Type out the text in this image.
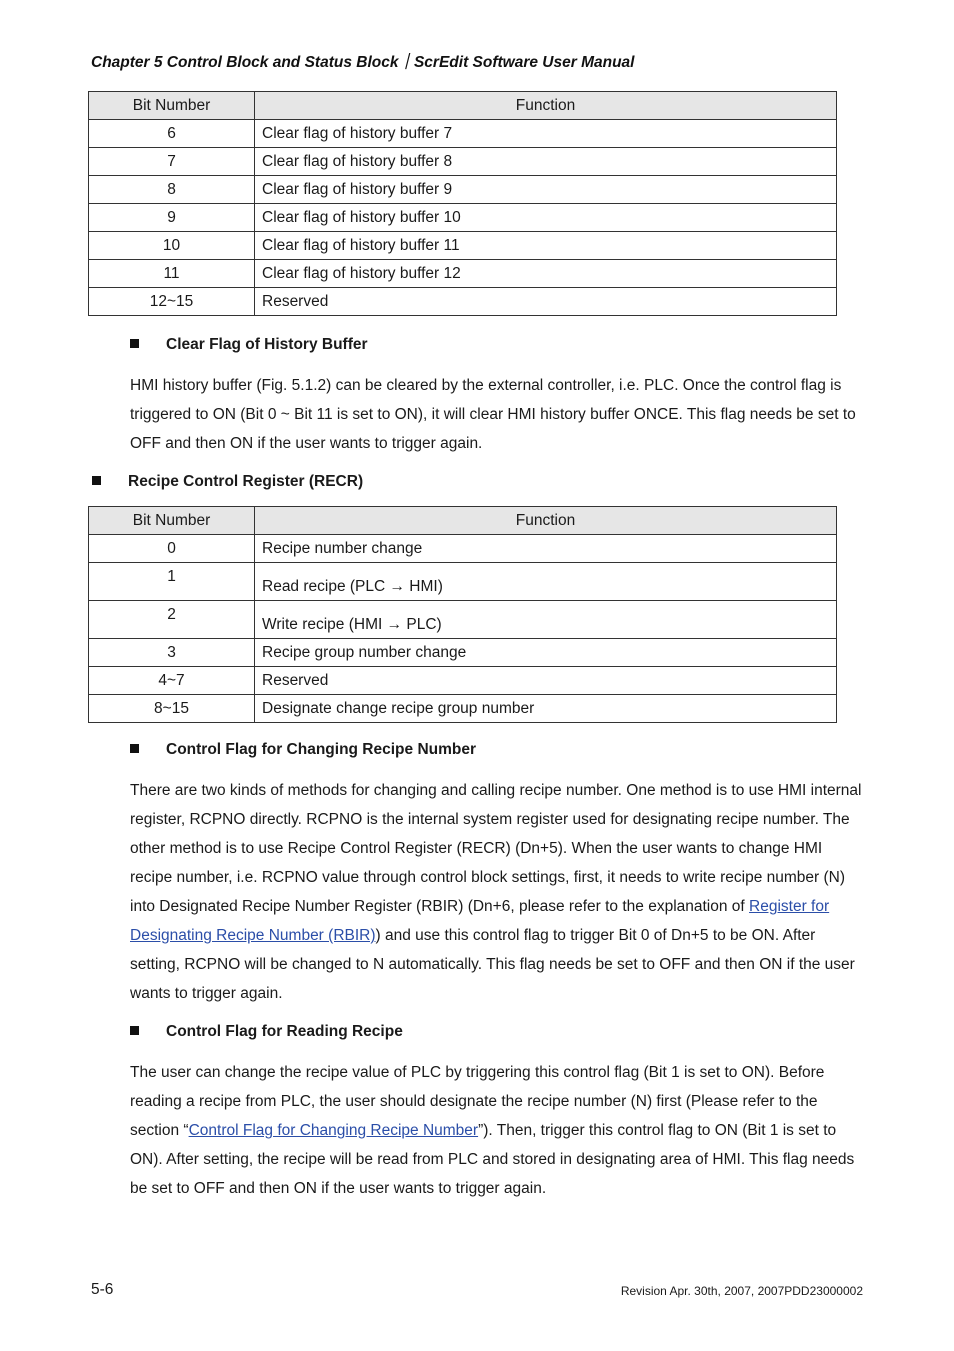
Chapter 5 Control Block and Status Block｜ScrEdit Software User Manual
Bit Number	Function
6	Clear flag of history buffer 7
7	Clear flag of history buffer 8
8	Clear flag of history buffer 9
9	Clear flag of history buffer 10
10	Clear flag of history buffer 11
11	Clear flag of history buffer 12
12~15	Reserved
Clear Flag of History Buffer

HMI history buffer (Fig. 5.1.2) can be cleared by the external controller, i.e. PLC. Once the control flag is triggered to ON (Bit 0 ~ Bit 11 is set to ON), it will clear HMI history buffer ONCE. This flag needs be set to OFF and then ON if the user wants to trigger again.

Recipe Control Register (RECR)
Bit Number	Function
0	Recipe number change
1	Read recipe (PLC → HMI)
2	Write recipe (HMI → PLC)
3	Recipe group number change
4~7	Reserved
8~15	Designate change recipe group number
Control Flag for Changing Recipe Number

There are two kinds of methods for changing and calling recipe number. One method is to use HMI internal register, RCPNO directly. RCPNO is the internal system register used for designating recipe number. The other method is to use Recipe Control Register (RECR) (Dn+5). When the user wants to change HMI recipe number, i.e. RCPNO value through control block settings, first, it needs to write recipe number (N) into Designated Recipe Number Register (RBIR) (Dn+6, please refer to the explanation of Register for Designating Recipe Number (RBIR)) and use this control flag to trigger Bit 0 of Dn+5 to be ON. After setting, RCPNO will be changed to N automatically. This flag needs be set to OFF and then ON if the user wants to trigger again.

Control Flag for Reading Recipe

The user can change the recipe value of PLC by triggering this control flag (Bit 1 is set to ON). Before reading a recipe from PLC, the user should designate the recipe number (N) first (Please refer to the section “Control Flag for Changing Recipe Number”). Then, trigger this control flag to ON (Bit 1 is set to ON). After setting, the recipe will be read from PLC and stored in designating area of HMI. This flag needs be set to OFF and then ON if the user wants to trigger again.

5-6	Revision Apr. 30th, 2007, 2007PDD23000002
